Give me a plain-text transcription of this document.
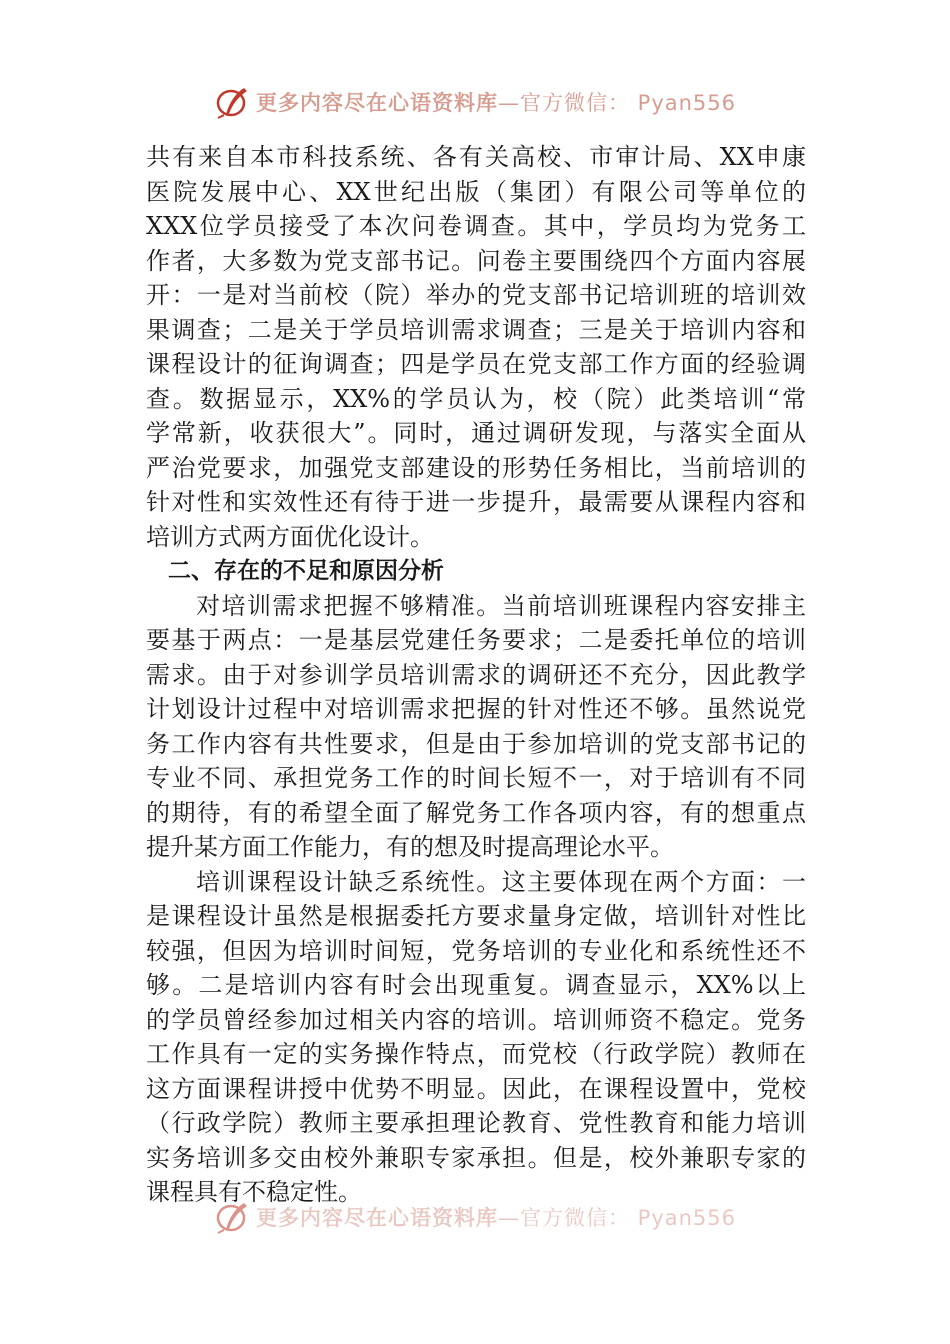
更多内容尽在心语资料库—官方微信： Pyan556
共有来自本市科技系统、各有关高校、市审计局、XX申康
医院发展中心、XX世纪出版（集团）有限公司等单位的
XXX位学员接受了本次问卷调查。其中，学员均为党务工
作者，大多数为党支部书记。问卷主要围绕四个方面内容展
开：一是对当前校（院）举办的党支部书记培训班的培训效
果调查；二是关于学员培训需求调查；三是关于培训内容和
课程设计的征询调查；四是学员在党支部工作方面的经验调
查。数据显示，XX%的学员认为，校（院）此类培训“常
学常新，收获很大”。同时，通过调研发现，与落实全面从
严治党要求，加强党支部建设的形势任务相比，当前培训的
针对性和实效性还有待于进一步提升，最需要从课程内容和
培训方式两方面优化设计。
二、存在的不足和原因分析
对培训需求把握不够精准。当前培训班课程内容安排主
要基于两点：一是基层党建任务要求；二是委托单位的培训
需求。由于对参训学员培训需求的调研还不充分，因此教学
计划设计过程中对培训需求把握的针对性还不够。虽然说党
务工作内容有共性要求，但是由于参加培训的党支部书记的
专业不同、承担党务工作的时间长短不一，对于培训有不同
的期待，有的希望全面了解党务工作各项内容，有的想重点
提升某方面工作能力，有的想及时提高理论水平。
培训课程设计缺乏系统性。这主要体现在两个方面：一
是课程设计虽然是根据委托方要求量身定做，培训针对性比
较强，但因为培训时间短，党务培训的专业化和系统性还不
够。二是培训内容有时会出现重复。调查显示，XX%以上
的学员曾经参加过相关内容的培训。培训师资不稳定。党务
工作具有一定的实务操作特点，而党校（行政学院）教师在
这方面课程讲授中优势不明显。因此，在课程设置中，党校
（行政学院）教师主要承担理论教育、党性教育和能力培训
实务培训多交由校外兼职专家承担。但是，校外兼职专家的
课程具有不稳定性。
更多内容尽在心语资料库—官方微信： Pyan556
